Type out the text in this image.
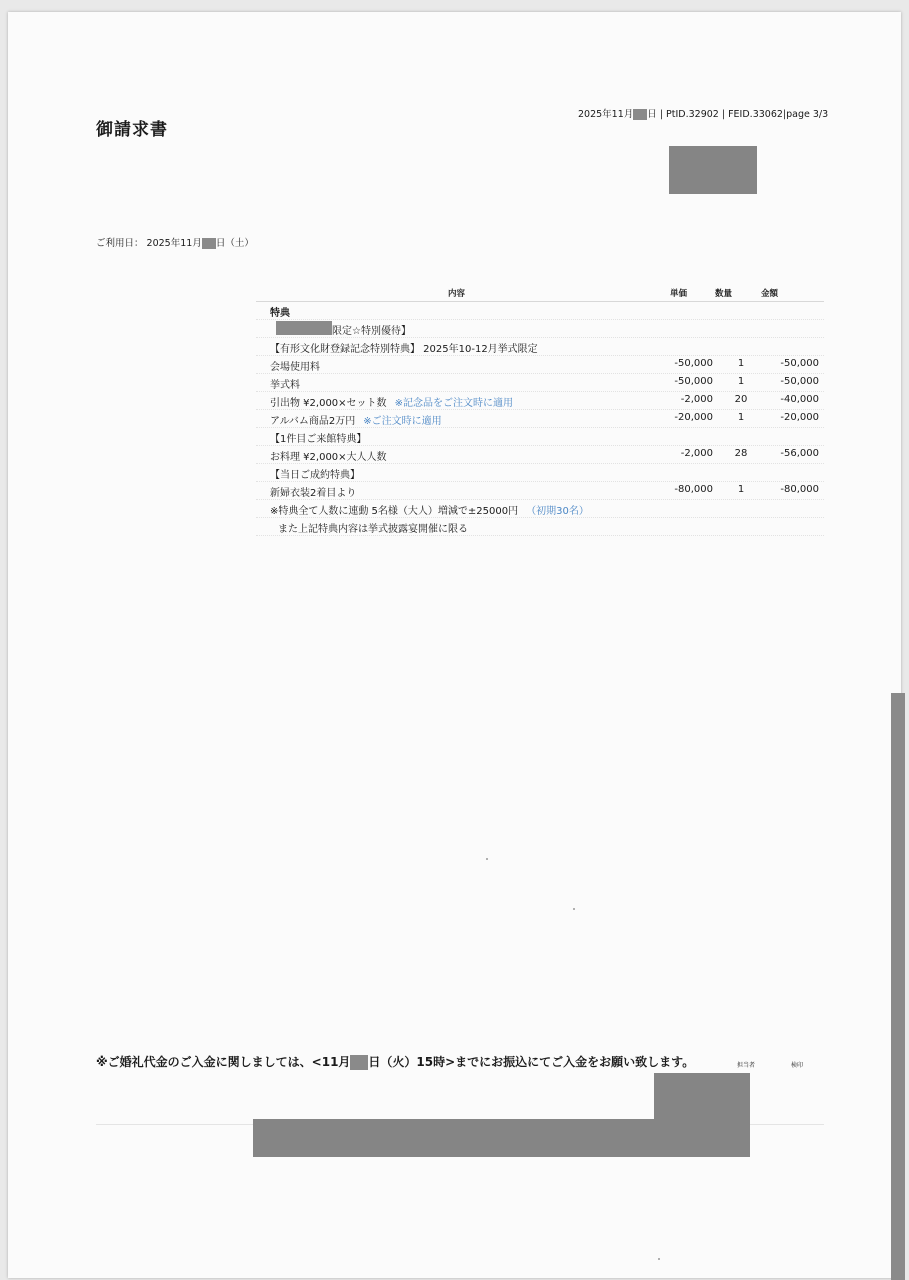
御請求書
2025年11月 日 | PtID.32902 | FEID.33062|page 3/3
ご利用日： 2025年11月 日（土）
内容	単価	数量	金額
特典
限定☆特別優待】
【有形文化財登録記念特別特典】 2025年10-12月挙式限定
会場使用料	-50,000	1	-50,000
挙式料	-50,000	1	-50,000
引出物 ¥2,000×セット数 ※記念品をご注文時に適用	-2,000	20	-40,000
アルバム商品2万円 ※ご注文時に適用	-20,000	1	-20,000
【1件目ご来館特典】
お料理 ¥2,000×大人人数	-2,000	28	-56,000
【当日ご成約特典】
新婦衣装2着目より	-80,000	1	-80,000
※特典全て人数に連動 5名様（大人）増減で±25000円 （初期30名）
また上記特典内容は挙式披露宴開催に限る
※ご婚礼代金のご入金に関しましては、<11月 日（火）15時>までにお振込にてご入金をお願い致します。	担当者	検印
